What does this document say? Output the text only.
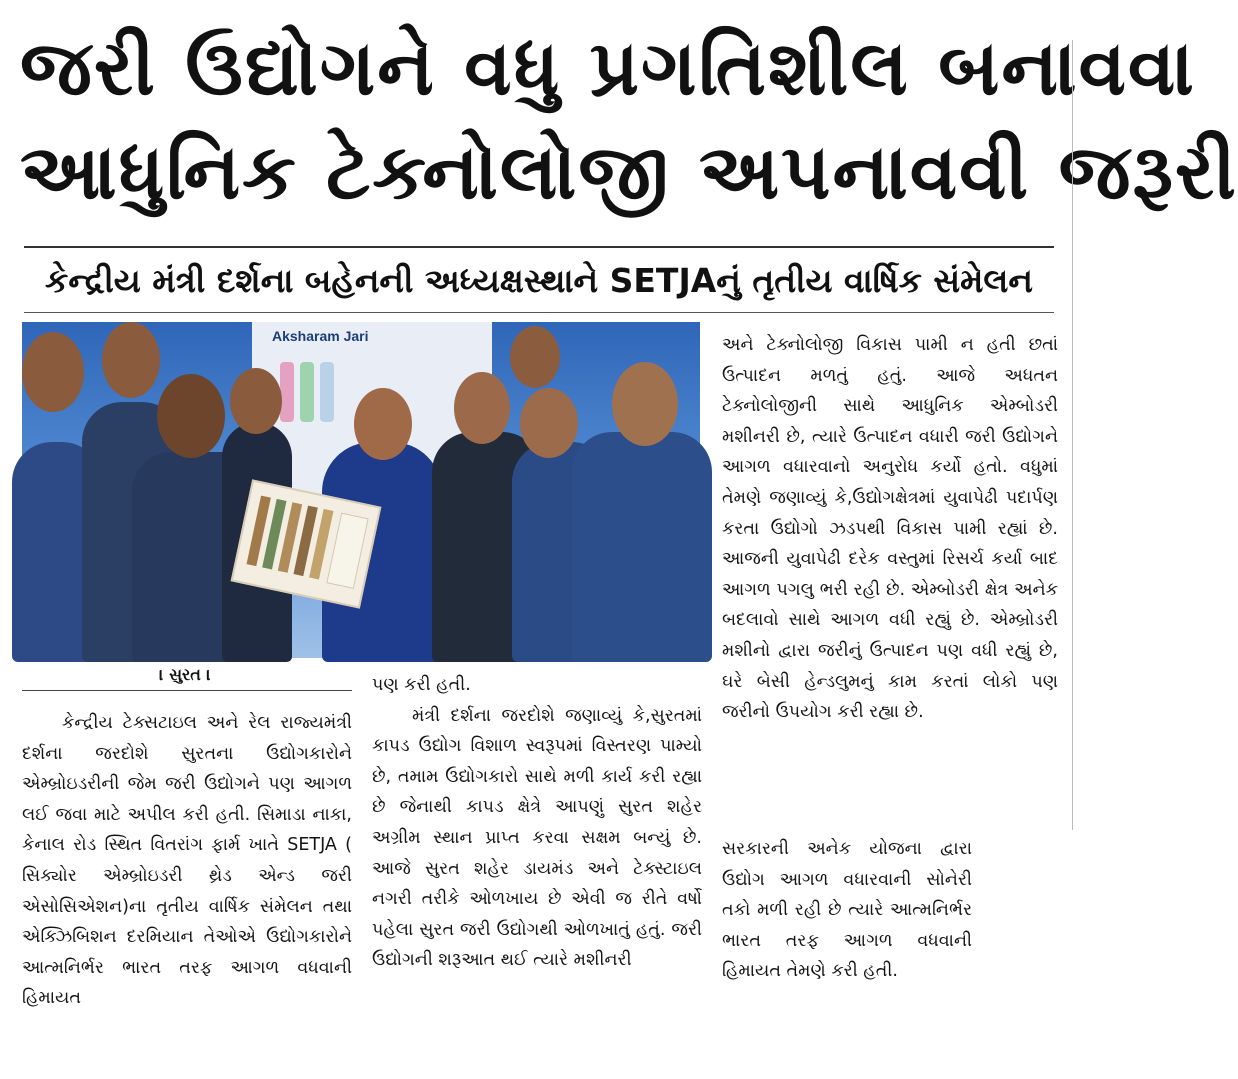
જરી ઉદ્યોગને વધુ પ્રગતિશીલ બનાવવા
આધુનિક ટેક્નોલોજી અપનાવવી જરૂરી
કેન્દ્રીય મંત્રી દર્શના બહેનની અધ્યક્ષસ્થાને SETJAનું તૃતીય વાર્ષિક સંમેલન
Aksharam Jari
। સુરત ।

કેન્દ્રીય ટેક્સટાઇલ અને રેલ રાજ્યમંત્રી દર્શના જરદોશે સુરતના ઉદ્યોગકારોને એમ્બ્રોઇડરીની જેમ જરી ઉદ્યોગને પણ આગળ લઈ જવા માટે અપીલ કરી હતી. સિમાડા નાકા, કેનાલ રોડ સ્થિત વિતરાંગ ફાર્મ ખાતે SETJA ( સિક્યોર એમ્બ્રોઇડરી થ્રેડ એન્ડ જરી એસોસિએશન)ના તૃતીય વાર્ષિક સંમેલન તથા એક્ઝિબિશન દરમિયાન તેઓએ ઉદ્યોગકારોને આત્મનિર્ભર ભારત તરફ આગળ વધવાની હિમાયત

પણ કરી હતી.

મંત્રી દર્શના જરદોશે જણાવ્યું કે,સુરતમાં કાપડ ઉદ્યોગ વિશાળ સ્વરૂપમાં વિસ્તરણ પામ્યો છે, તમામ ઉદ્યોગકારો સાથે મળી કાર્ય કરી રહ્યા છે જેનાથી કાપડ ક્ષેત્રે આપણું સુરત શહેર અગ્રીમ સ્થાન પ્રાપ્ત કરવા સક્ષમ બન્યું છે. આજે સુરત શહેર ડાયમંડ અને ટેક્સ્ટાઇલ નગરી તરીકે ઓળખાય છે એવી જ રીતે વર્ષો પહેલા સુરત જરી ઉદ્યોગથી ઓળખાતું હતું. જરી ઉદ્યોગની શરૂઆત થઈ ત્યારે મશીનરી

અને ટેક્નોલોજી વિકાસ પામી ન હતી છતાં ઉત્પાદન મળતું હતું. આજે અધતન ટેક્નોલોજીની સાથે આધુનિક એમ્બોડરી મશીનરી છે, ત્યારે ઉત્પાદન વધારી જરી ઉદ્યોગને આગળ વધારવાનો અનુરોધ કર્યો હતો. વધુમાં તેમણે જણાવ્યું કે,ઉદ્યોગક્ષેત્રમાં યુવાપેઢી પદાર્પણ કરતા ઉદ્યોગો ઝડપથી વિકાસ પામી રહ્યાં છે. આજની યુવાપેઢી દરેક વસ્તુમાં રિસર્ચ કર્યા બાદ આગળ પગલુ ભરી રહી છે. એમ્બોડરી ક્ષેત્ર અનેક બદલાવો સાથે આગળ વધી રહ્યું છે. એમ્બ્રોડરી મશીનો દ્વારા જરીનું ઉત્પાદન પણ વધી રહ્યું છે, ઘરે બેસી હેન્ડલુમનું કામ કરતાં લોકો પણ જરીનો ઉપયોગ કરી રહ્યા છે.

સરકારની અનેક યોજના દ્વારા ઉદ્યોગ આગળ વધારવાની સોનેરી તકો મળી રહી છે ત્યારે આત્મનિર્ભર ભારત તરફ આગળ વધવાની હિમાયત તેમણે કરી હતી.
